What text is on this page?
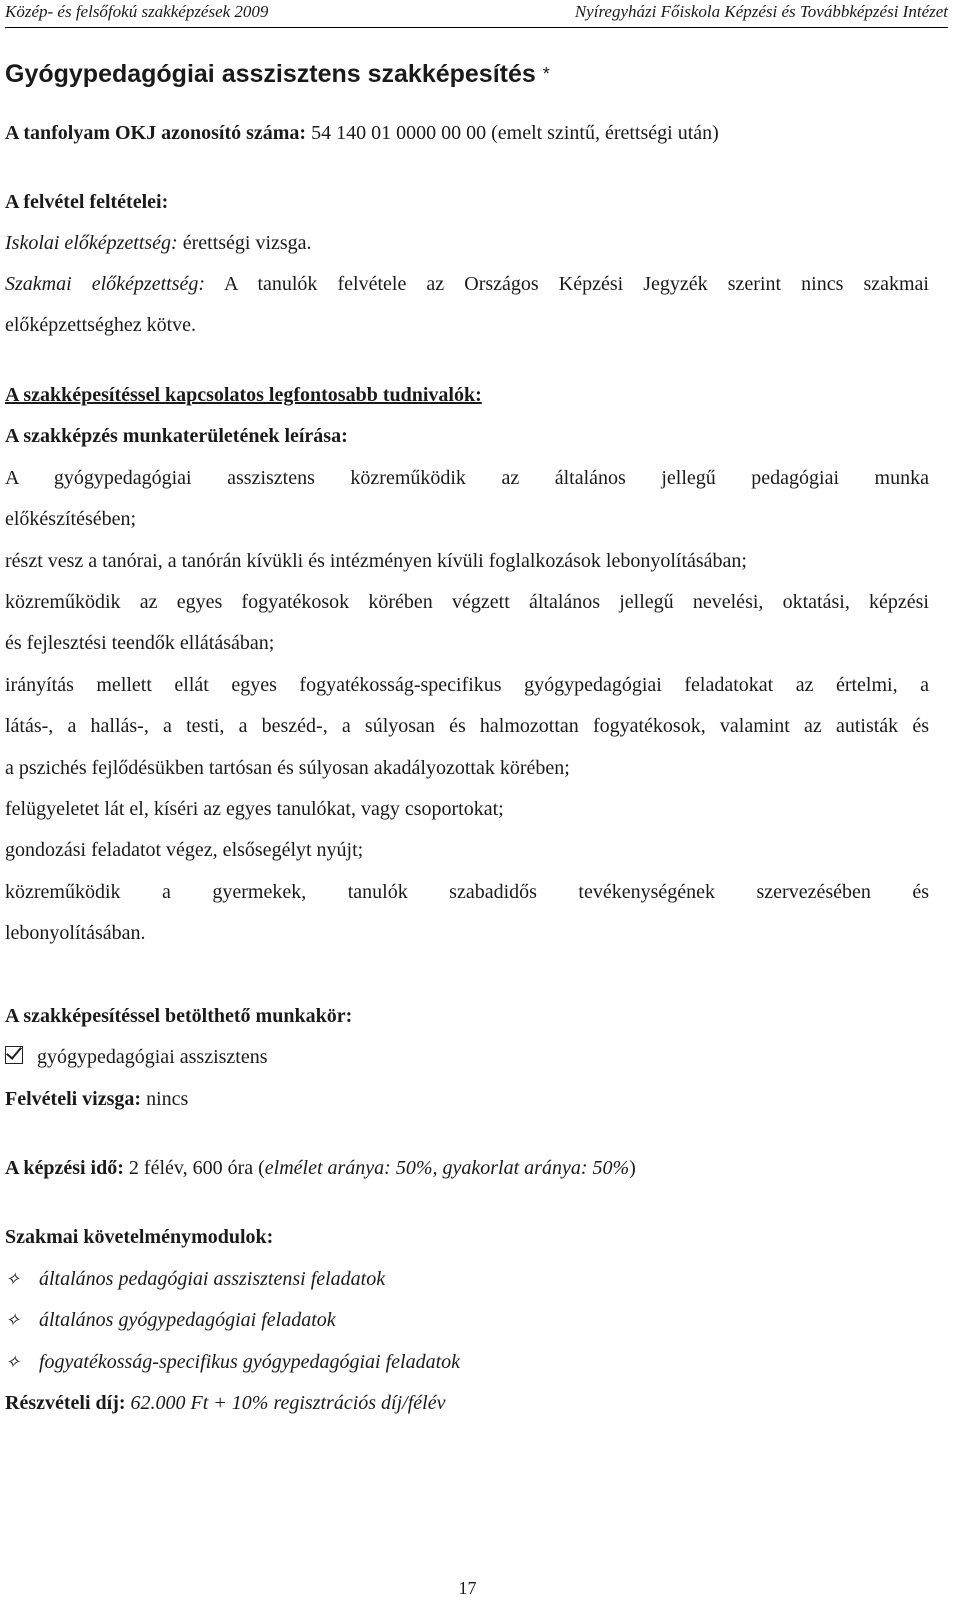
Közép- és felsőfokú szakképzések 2009	Nyíregyházi Főiskola Képzési és Továbbképzési Intézet
Gyógypedagógiai asszisztens szakképesítés *
A tanfolyam OKJ azonosító száma: 54 140 01 0000 00 00 (emelt szintű, érettségi után)
A felvétel feltételei:
Iskolai előképzettség: érettségi vizsga.
Szakmai előképzettség: A tanulók felvétele az Országos Képzési Jegyzék szerint nincs szakmai
előképzettséghez kötve.
A szakképesítéssel kapcsolatos legfontosabb tudnivalók:
A szakképzés munkaterületének leírása:
A gyógypedagógiai asszisztens közreműködik az általános jellegű pedagógiai munka
előkészítésében;
részt vesz a tanórai, a tanórán kívükli és intézményen kívüli foglalkozások lebonyolításában;
közreműködik az egyes fogyatékosok körében végzett általános jellegű nevelési, oktatási, képzési
és fejlesztési teendők ellátásában;
irányítás mellett ellát egyes fogyatékosság-specifikus gyógypedagógiai feladatokat az értelmi, a
látás-, a hallás-, a testi, a beszéd-, a súlyosan és halmozottan fogyatékosok, valamint az autisták és
a pszichés fejlődésükben tartósan és súlyosan akadályozottak körében;
felügyeletet lát el, kíséri az egyes tanulókat, vagy csoportokat;
gondozási feladatot végez, elsősegélyt nyújt;
közreműködik a gyermekek, tanulók szabadidős tevékenységének szervezésében és
lebonyolításában.
A szakképesítéssel betölthető munkakör:
gyógypedagógiai asszisztens
Felvételi vizsga: nincs
A képzési idő: 2 félév, 600 óra (elmélet aránya: 50%, gyakorlat aránya: 50%)
Szakmai követelménymodulok:
✧ általános pedagógiai asszisztensi feladatok
✧ általános gyógypedagógiai feladatok
✧ fogyatékosság-specifikus gyógypedagógiai feladatok
Részvételi díj: 62.000 Ft + 10% regisztrációs díj/félév
17
